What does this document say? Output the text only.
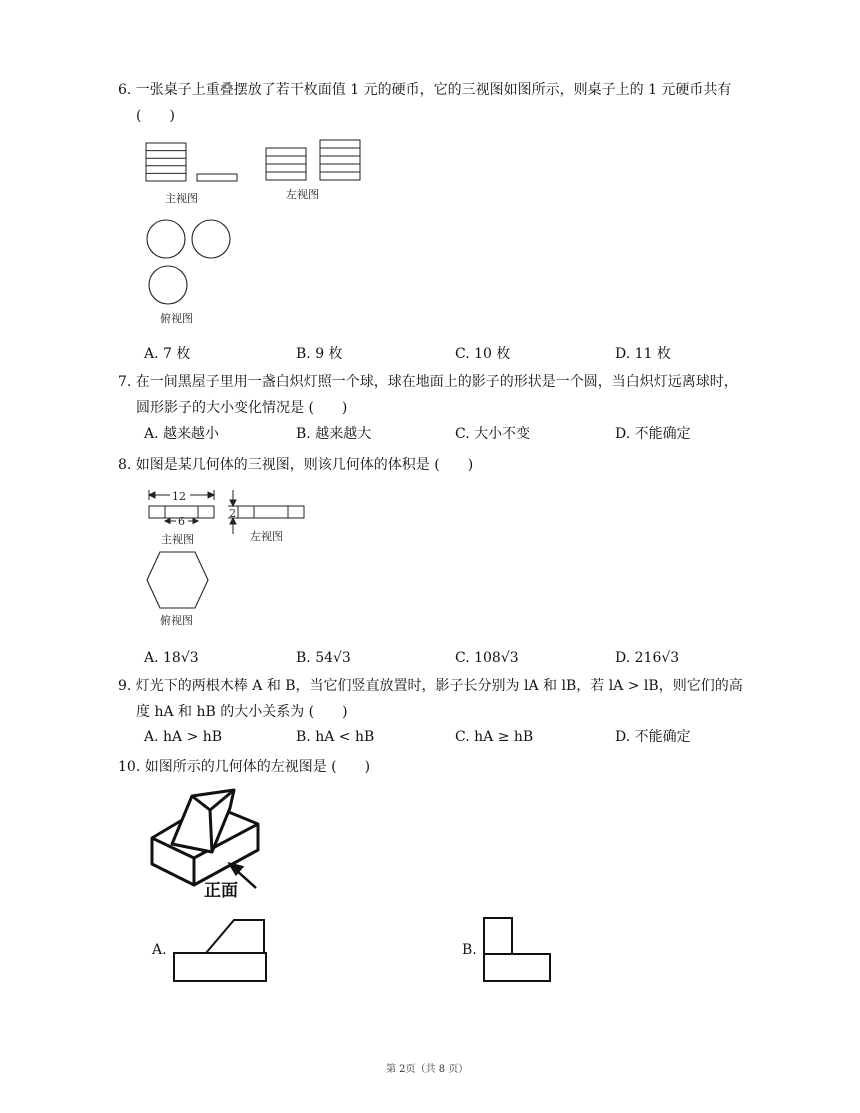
6. 一张桌子上重叠摆放了若干枚面值 1 元的硬币，它的三视图如图所示，则桌子上的 1 元硬币共有
(　　)
主视图	左视图
俯视图
A. 7 枚	B. 9 枚	C. 10 枚	D. 11 枚
7. 在一间黑屋子里用一盏白炽灯照一个球，球在地面上的影子的形状是一个圆，当白炽灯远离球时，
圆形影子的大小变化情况是 (　　)
A. 越来越小	B. 越来越大	C. 大小不变	D. 不能确定
8. 如图是某几何体的三视图，则该几何体的体积是 (　　)
12
6
2
主视图	左视图
俯视图
A. 18√3	B. 54√3	C. 108√3	D. 216√3
9. 灯光下的两根木棒 A 和 B，当它们竖直放置时，影子长分别为 lA 和 lB，若 lA > lB，则它们的高
度 hA 和 hB 的大小关系为 (　　)
A. hA > hB	B. hA < hB	C. hA ≥ hB	D. 不能确定
10. 如图所示的几何体的左视图是 (　　)
正面
A.	B.
第 2页（共 8 页）
